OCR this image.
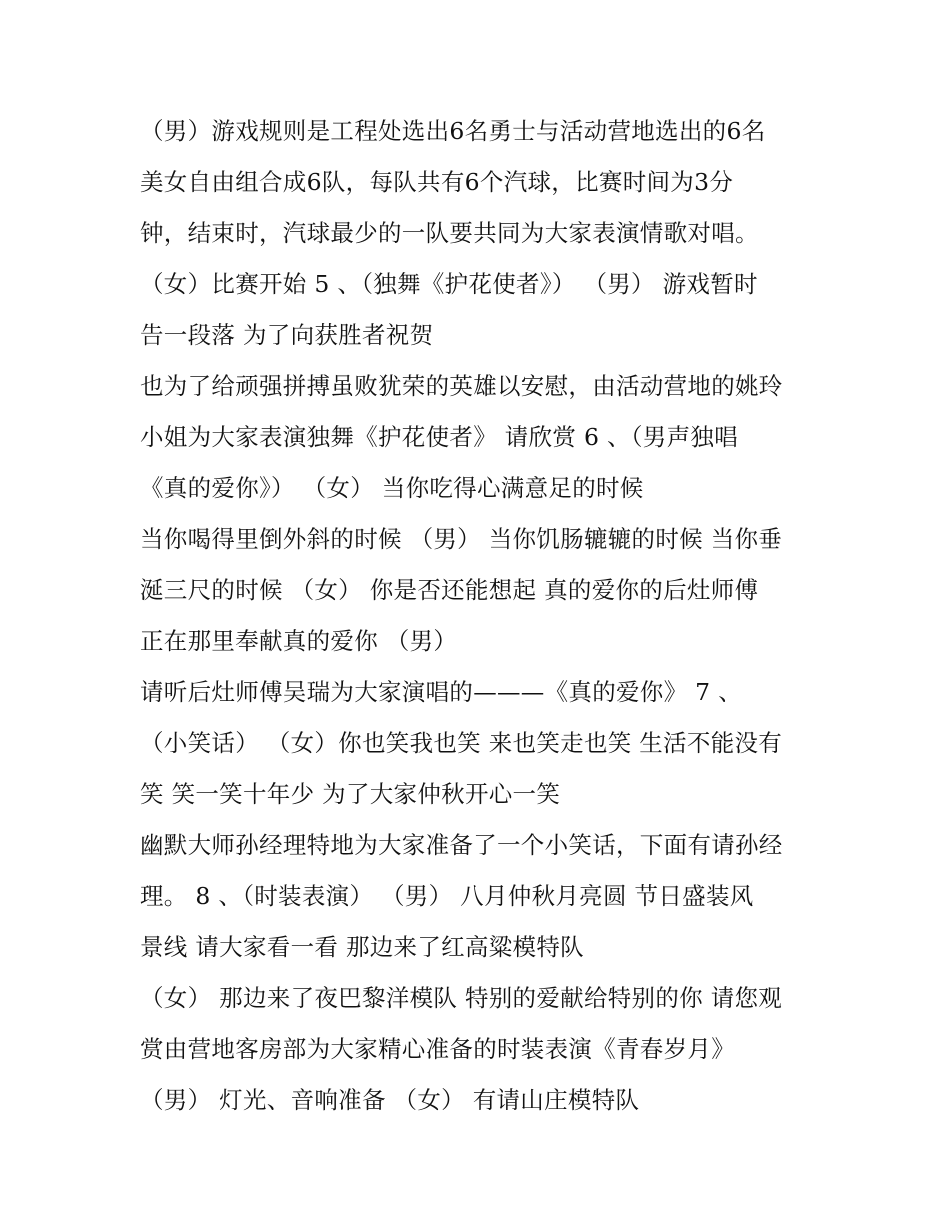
（男）游戏规则是工程处选出6名勇士与活动营地选出的6名
美女自由组合成6队，每队共有6个汽球，比赛时间为3分
钟，结束时，汽球最少的一队要共同为大家表演情歌对唱。
（女）比赛开始 5 、（独舞《护花使者》） （男） 游戏暂时
告一段落 为了向获胜者祝贺
也为了给顽强拼搏虽败犹荣的英雄以安慰，由活动营地的姚玲
小姐为大家表演独舞《护花使者》 请欣赏 6 、（男声独唱
《真的爱你》） （女） 当你吃得心满意足的时候
当你喝得里倒外斜的时候 （男） 当你饥肠辘辘的时候 当你垂
涎三尺的时候 （女） 你是否还能想起 真的爱你的后灶师傅
正在那里奉献真的爱你 （男）
请听后灶师傅吴瑞为大家演唱的———《真的爱你》 7 、
（小笑话） （女）你也笑我也笑 来也笑走也笑 生活不能没有
笑 笑一笑十年少 为了大家仲秋开心一笑
幽默大师孙经理特地为大家准备了一个小笑话，下面有请孙经
理。 8 、（时装表演） （男） 八月仲秋月亮圆 节日盛装风
景线 请大家看一看 那边来了红高粱模特队
（女） 那边来了夜巴黎洋模队 特别的爱献给特别的你 请您观
赏由营地客房部为大家精心准备的时装表演《青春岁月》
（男） 灯光、音响准备 （女） 有请山庄模特队
